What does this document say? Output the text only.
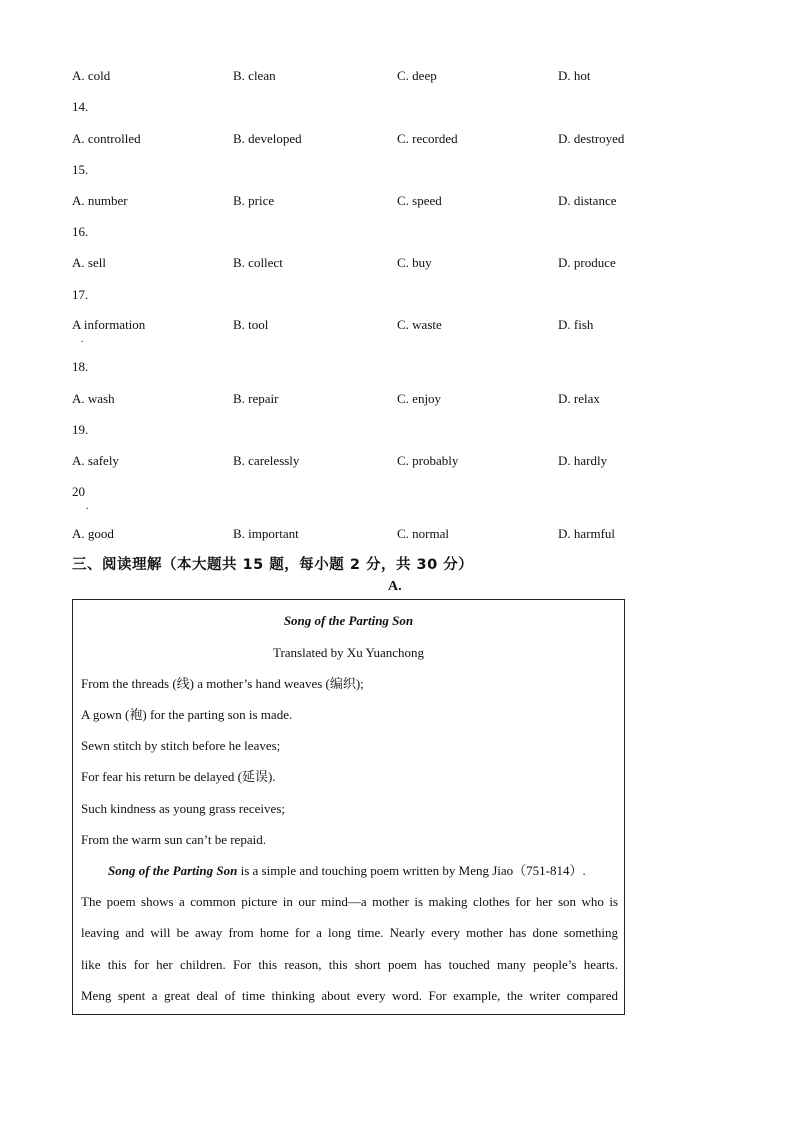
A. cold	B. clean	C. deep	D. hot
14.
A. controlled	B. developed	C. recorded	D. destroyed
15.
A. number	B. price	C. speed	D. distance
16.
A. sell	B. collect	C. buy	D. produce
17.
A information	B. tool	C. waste	D. fish
.
18.
A. wash	B. repair	C. enjoy	D. relax
19.
A. safely	B. carelessly	C. probably	D. hardly
20
.
A. good	B. important	C. normal	D. harmful
三、阅读理解（本大题共 15 题，每小题 2 分，共 30 分）
A.
Song of the Parting Son
Translated by Xu Yuanchong
From the threads (线) a mother’s hand weaves (编织);
A gown (袍) for the parting son is made.
Sewn stitch by stitch before he leaves;
For fear his return be delayed (延误).
Such kindness as young grass receives;
From the warm sun can’t be repaid.
Song of the Parting Son is a simple and touching poem written by Meng Jiao（751-814）.
The poem shows a common picture in our mind—a mother is making clothes for her son who is
leaving and will be away from home for a long time. Nearly every mother has done something
like this for her children. For this reason, this short poem has touched many people’s hearts.
Meng spent a great deal of time thinking about every word. For example, the writer compared
